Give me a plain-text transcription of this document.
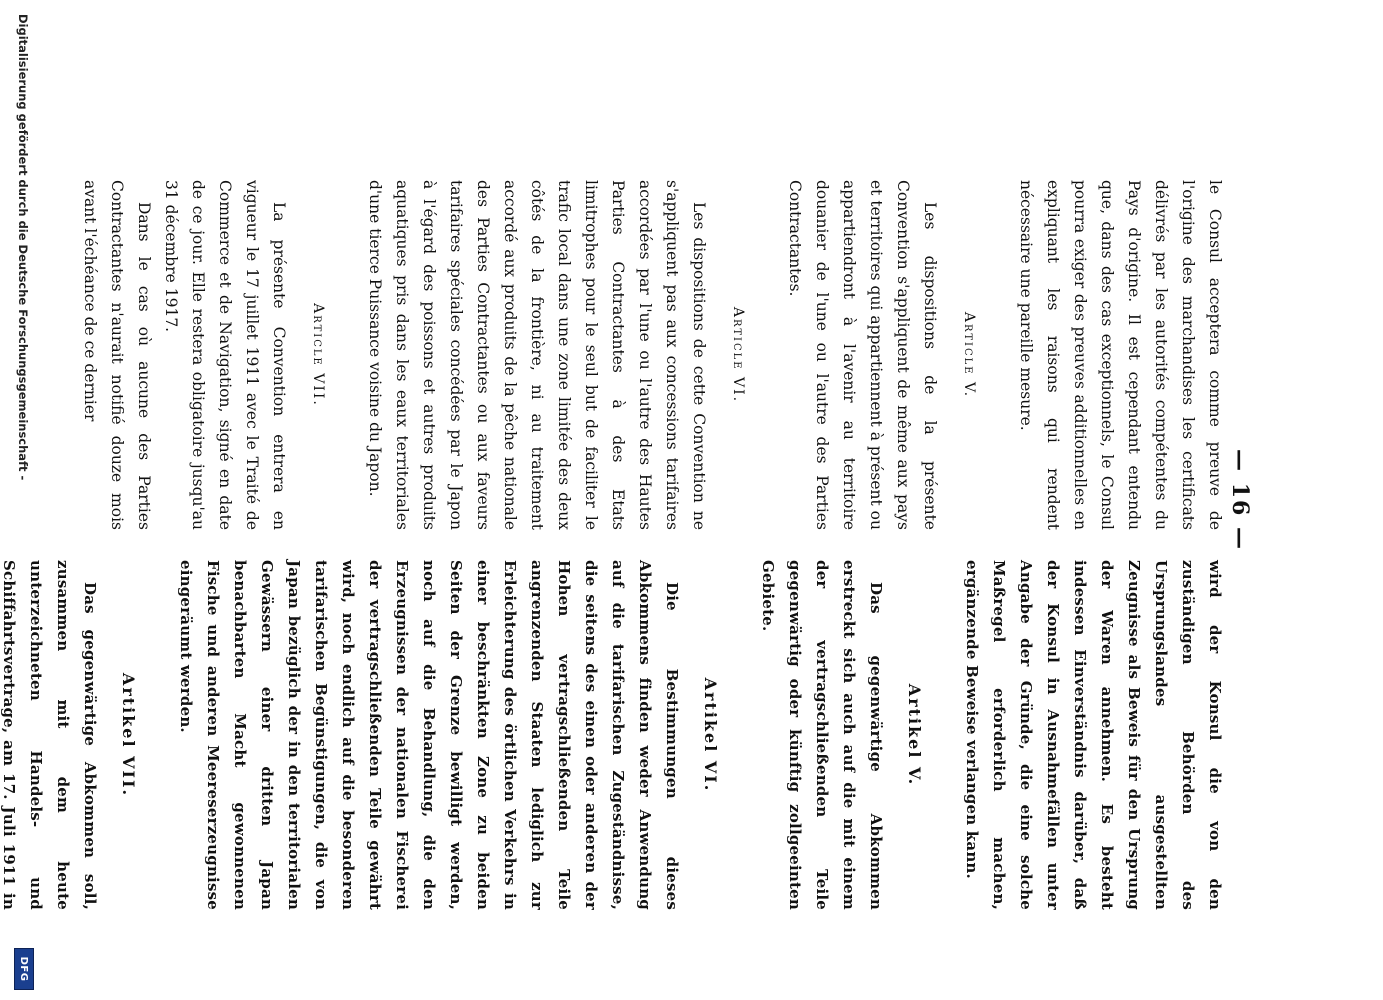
— 16 —

le Consul acceptera comme preuve de l'origine des marchandises les certificats délivrés par les autorités compétentes du Pays d'origine. Il est cependant entendu que, dans des cas exceptionnels, le Consul pourra exiger des preuves additionnelles en expliquant les raisons qui rendent nécessaire une pareille mesure.

Article V.

Les dispositions de la présente Convention s'appliquent de même aux pays et territoires qui appartiennent à présent ou appartiendront à l'avenir au territoire douanier de l'une ou l'autre des Parties Contractantes.

Article VI.

Les dispositions de cette Convention ne s'appliquent pas aux concessions tarifaires accordées par l'une ou l'autre des Hautes Parties Contractantes à des Etats limitrophes pour le seul but de faciliter le trafic local dans une zone limitée des deux côtés de la frontière, ni au traitement accordé aux produits de la pêche nationale des Parties Contractantes ou aux faveurs tarifaires spéciales concédées par le Japon à l'égard des poissons et autres produits aquatiques pris dans les eaux territoriales d'une tierce Puissance voisine du Japon.

Article VII.

La présente Convention entrera en vigueur le 17 juillet 1911 avec le Traité de Commerce et de Navigation, signé en date de ce jour. Elle restera obligatoire jusqu'au 31 décembre 1917.

Dans le cas où aucune des Parties Contractantes n'aurait notifié douze mois avant l'échéance de ce dernier

wird der Konsul die von den zuständigen Behörden des Ursprungslandes ausgestellten Zeugnisse als Beweis für den Ursprung der Waren annehmen. Es besteht indessen Einverständnis darüber, daß der Konsul in Ausnahmefällen unter Angabe der Gründe, die eine solche Maßregel erforderlich machen, ergänzende Beweise verlangen kann.

Artikel V.

Das gegenwärtige Abkommen erstreckt sich auch auf die mit einem der vertragschließenden Teile gegenwärtig oder künftig zollgeeinten Gebiete.

Artikel VI.

Die Bestimmungen dieses Abkommens finden weder Anwendung auf die tarifarischen Zugeständnisse, die seitens des einen oder anderen der Hohen vertragschließenden Teile angrenzenden Staaten lediglich zur Erleichterung des örtlichen Verkehrs in einer beschränkten Zone zu beiden Seiten der Grenze bewilligt werden, noch auf die Behandlung, die den Erzeugnissen der nationalen Fischerei der vertragschließenden Teile gewährt wird, noch endlich auf die besonderen tarifarischen Begünstigungen, die von Japan bezüglich der in den territorialen Gewässern einer dritten Japan benachbarten Macht gewonnenen Fische und anderen Meereserzeugnisse eingeräumt werden.

Artikel VII.

Das gegenwärtige Abkommen soll, zusammen mit dem heute unterzeichneten Handels- und Schiffahrtsvertrage, am 17. Juli 1911 in

Digitalisierung gefördert durch die Deutsche Forschungsgemeinschaft -
DFG
